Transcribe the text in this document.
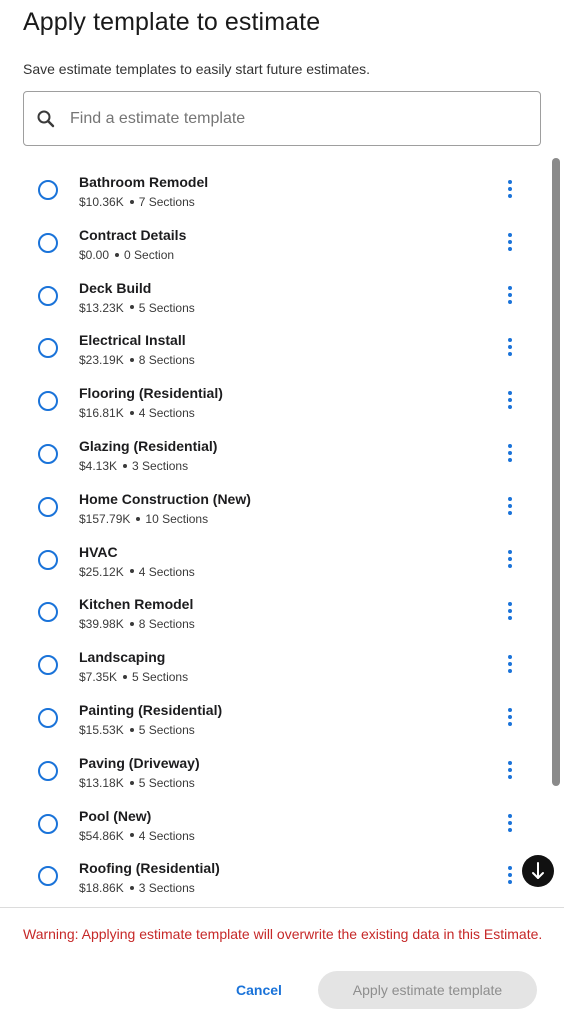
Apply template to estimate
Save estimate templates to easily start future estimates.
Find a estimate template
Bathroom Remodel
$10.36K 7 Sections
Contract Details
$0.00 0 Section
Deck Build
$13.23K 5 Sections
Electrical Install
$23.19K 8 Sections
Flooring (Residential)
$16.81K 4 Sections
Glazing (Residential)
$4.13K 3 Sections
Home Construction (New)
$157.79K 10 Sections
HVAC
$25.12K 4 Sections
Kitchen Remodel
$39.98K 8 Sections
Landscaping
$7.35K 5 Sections
Painting (Residential)
$15.53K 5 Sections
Paving (Driveway)
$13.18K 5 Sections
Pool (New)
$54.86K 4 Sections
Roofing (Residential)
$18.86K 3 Sections
Warning: Applying estimate template will overwrite the existing data in this Estimate.
Cancel	Apply estimate template
